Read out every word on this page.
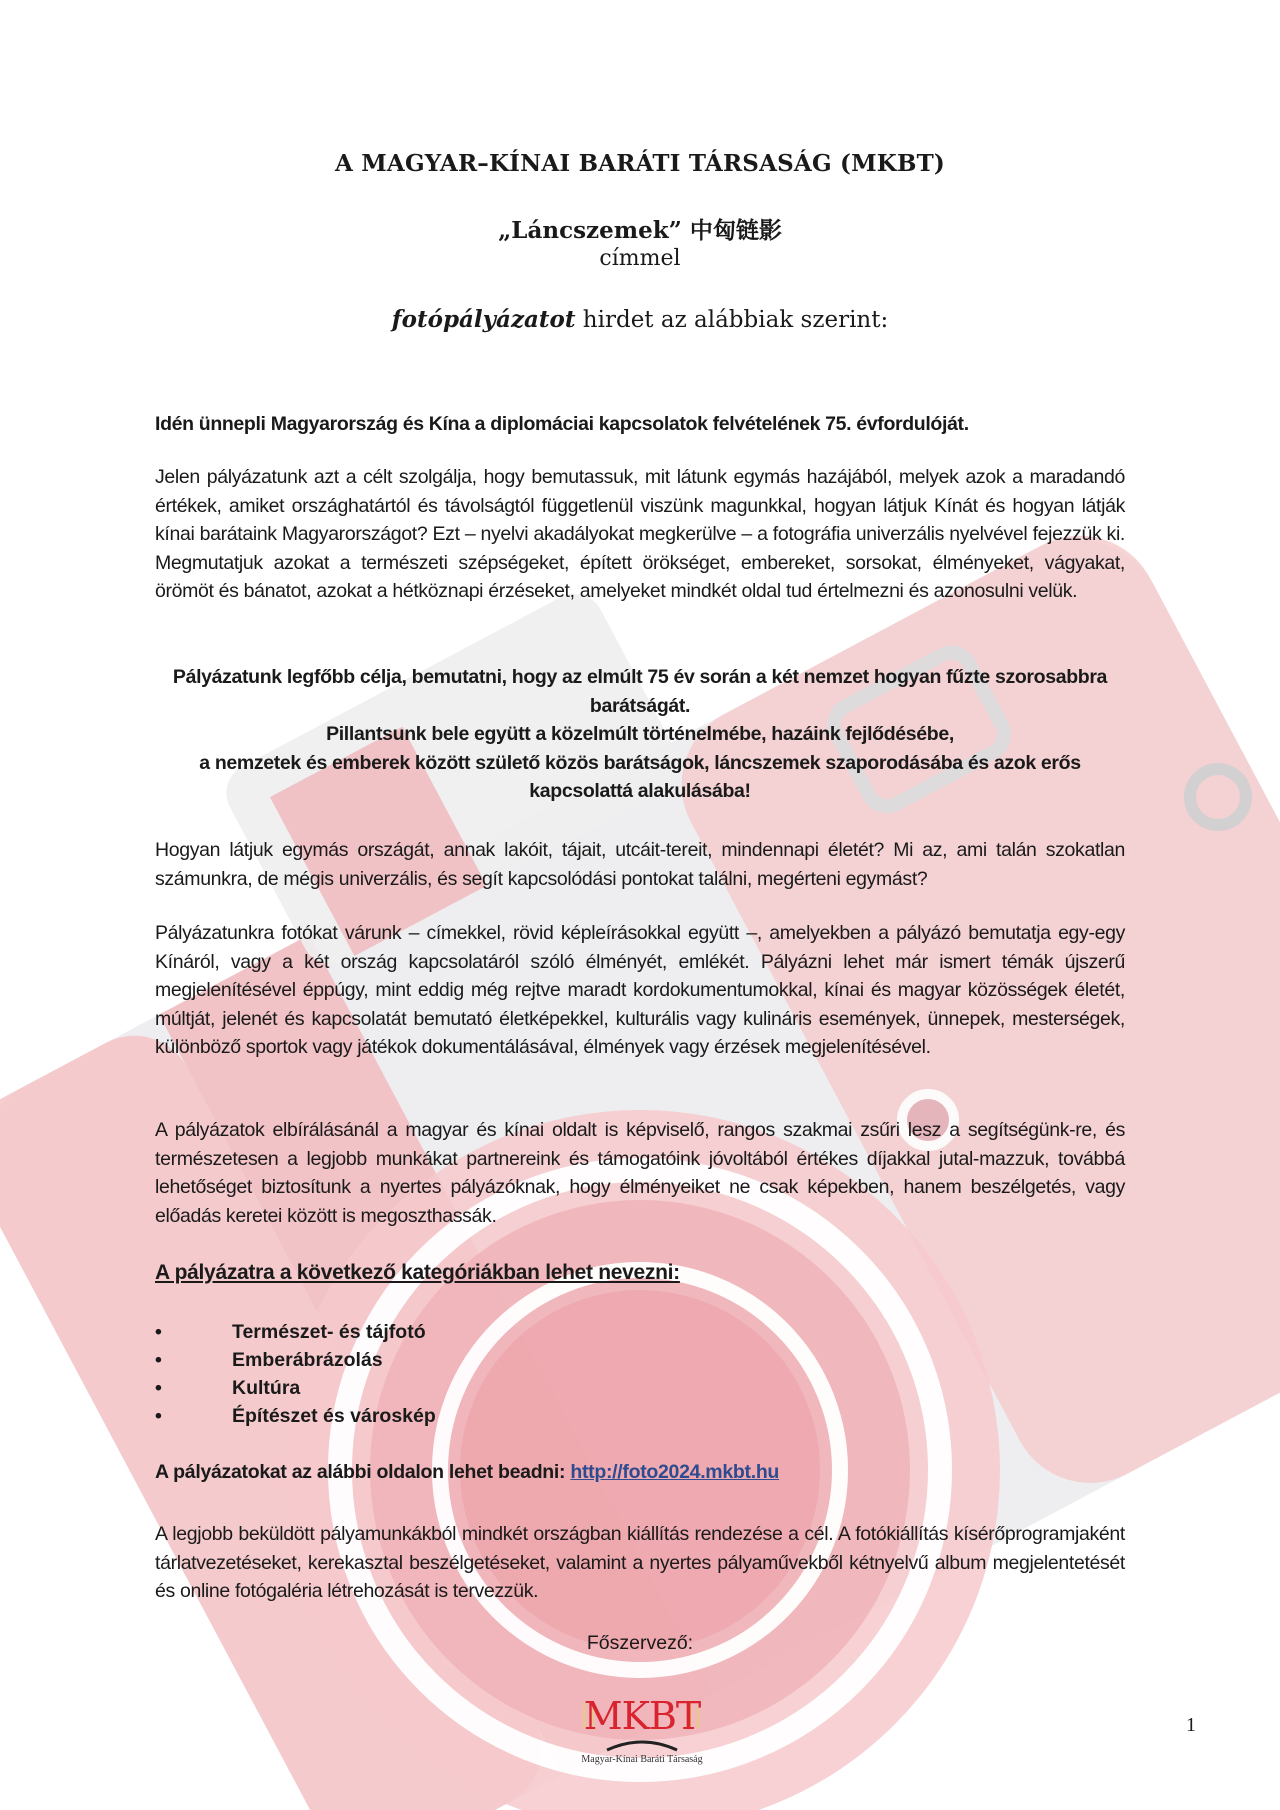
A MAGYAR–KÍNAI BARÁTI TÁRSASÁG (MKBT)
„Láncszemek” 中匈链影
címmel
fotópályázatot hirdet az alábbiak szerint:
Idén ünnepli Magyarország és Kína a diplomáciai kapcsolatok felvételének 75. évfordulóját.
Jelen pályázatunk azt a célt szolgálja, hogy bemutassuk, mit látunk egymás hazájából, melyek azok a maradandó értékek, amiket országhatártól és távolságtól függetlenül viszünk magunkkal, hogyan látjuk Kínát és hogyan látják kínai barátaink Magyarországot? Ezt – nyelvi akadályokat megkerülve – a fotográfia univerzális nyelvével fejezzük ki. Megmutatjuk azokat a természeti szépségeket, épített örökséget, embereket, sorsokat, élményeket, vágyakat, örömöt és bánatot, azokat a hétköznapi érzéseket, amelyeket mindkét oldal tud értelmezni és azonosulni velük.
Pályázatunk legfőbb célja, bemutatni, hogy az elmúlt 75 év során a két nemzet hogyan fűzte szorosabbra barátságát.
Pillantsunk bele együtt a közelmúlt történelmébe, hazáink fejlődésébe,
a nemzetek és emberek között születő közös barátságok, láncszemek szaporodásába és azok erős kapcsolattá alakulásába!
Hogyan látjuk egymás országát, annak lakóit, tájait, utcáit-tereit, mindennapi életét? Mi az, ami talán szokatlan számunkra, de mégis univerzális, és segít kapcsolódási pontokat találni, megérteni egymást?
Pályázatunkra fotókat várunk – címekkel, rövid képleírásokkal együtt –, amelyekben a pályázó bemutatja egy-egy Kínáról, vagy a két ország kapcsolatáról szóló élményét, emlékét. Pályázni lehet már ismert témák újszerű megjelenítésével éppúgy, mint eddig még rejtve maradt kordokumentumokkal, kínai és magyar közösségek életét, múltját, jelenét és kapcsolatát bemutató életképekkel, kulturális vagy kulináris események, ünnepek, mesterségek, különböző sportok vagy játékok dokumentálásával, élmények vagy érzések megjelenítésével.
A pályázatok elbírálásánál a magyar és kínai oldalt is képviselő, rangos szakmai zsűri lesz a segítségünk-re, és természetesen a legjobb munkákat partnereink és támogatóink jóvoltából értékes díjakkal jutal-mazzuk, továbbá lehetőséget biztosítunk a nyertes pályázóknak, hogy élményeiket ne csak képekben, hanem beszélgetés, vagy előadás keretei között is megoszthassák.
A pályázatra a következő kategóriákban lehet nevezni:
•	Természet- és tájfotó
•	Emberábrázolás
•	Kultúra
•	Építészet és városkép
A pályázatokat az alábbi oldalon lehet beadni: http://foto2024.mkbt.hu
A legjobb beküldött pályamunkákból mindkét országban kiállítás rendezése a cél. A fotókiállítás kísérőprogramjaként tárlatvezetéseket, kerekasztal beszélgetéseket, valamint a nyertes pályaművekből kétnyelvű album megjelentetését és online fotógaléria létrehozását is tervezzük.
Főszervező:
MKBT
Magyar-Kínai Baráti Társaság
1
